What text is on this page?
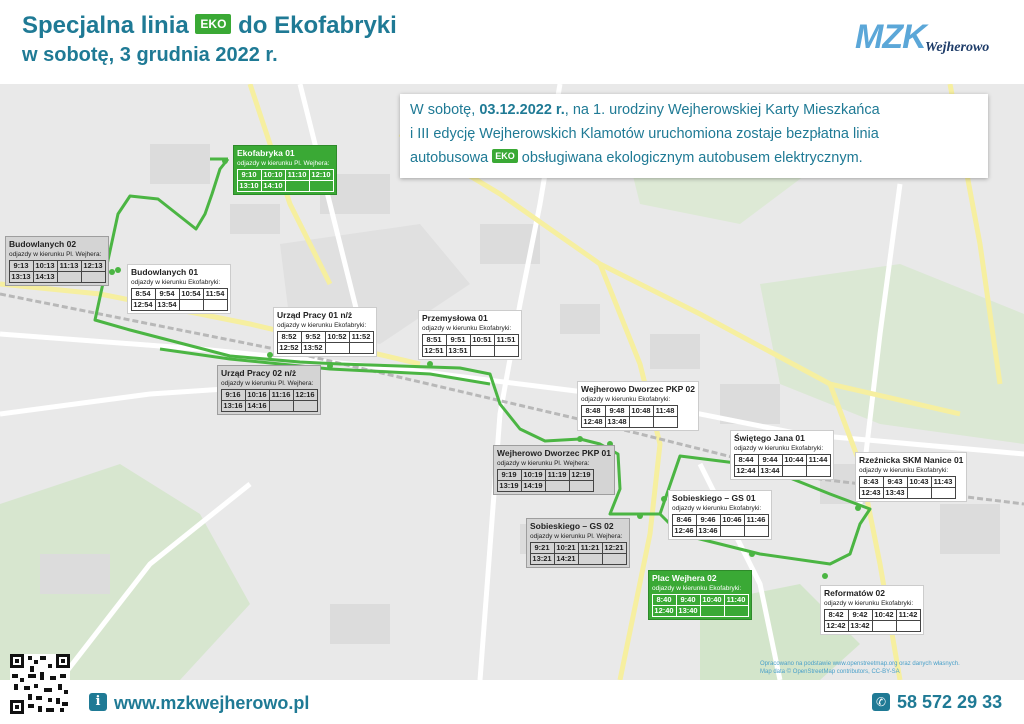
Specjalna linia EKO do Ekofabryki
w sobotę, 3 grudnia 2022 r.	MZK Wejherowo
W sobotę, 03.12.2022 r., na 1. urodziny Wejherowskiej Karty Mieszkańca
i III edycję Wejherowskich Klamotów uruchomiona zostaje bezpłatna linia
autobusowa EKO obsługiwana ekologicznym autobusem elektrycznym.
Ekofabryka 01
odjazdy w kierunku Pl. Wejhera:
9:10 10:10 11:10 12:10
13:10 14:10
Budowlanych 02
odjazdy w kierunku Pl. Wejhera:
9:13 10:13 11:13 12:13
13:13 14:13	Budowlanych 01
odjazdy w kierunku Ekofabryki:
8:54	9:54 10:54 11:54
12:54 13:54
Urząd Pracy 01 n/ż
odjazdy w kierunku Ekofabryki:
8:52	9:52 10:52 11:52
12:52 13:52
Przemysłowa 01
odjazdy w kierunku Ekofabryki:
8:51	9:51 10:51 11:51
12:51 13:51
Urząd Pracy 02 n/ż
odjazdy w kierunku Pl. Wejhera:
9:16 10:16 11:16 12:16
13:16 14:16
Wejherowo Dworzec PKP 02
odjazdy w kierunku Ekofabryki:
8:48	9:48 10:48 11:48
12:48 13:48
Wejherowo Dworzec PKP 01
odjazdy w kierunku Pl. Wejhera:
9:19 10:19 11:19 12:19
13:19 14:19
Świętego Jana 01
odjazdy w kierunku Ekofabryki:
8:44	9:44 10:44 11:44
12:44 13:44
Rzeźnicka SKM Nanice 01
odjazdy w kierunku Ekofabryki:
8:43	9:43 10:43 11:43
12:43 13:43
Sobieskiego – GS 01
odjazdy w kierunku Ekofabryki:
8:46	9:46 10:46 11:46
12:46 13:46
Sobieskiego – GS 02
odjazdy w kierunku Pl. Wejhera:
9:21 10:21 11:21 12:21
13:21 14:21
Plac Wejhera 02
odjazdy w kierunku Ekofabryki:
8:40	9:40 10:40 11:40
12:40 13:40
Reformatów 02
odjazdy w kierunku Ekofabryki:
8:42	9:42 10:42 11:42
12:42 13:42
Opracowano na podstawie www.openstreetmap.org oraz danych własnych.
Map data © OpenStreetMap contributors, CC-BY-SA
i www.mzkwejherowo.pl	✆ 58 572 29 33
